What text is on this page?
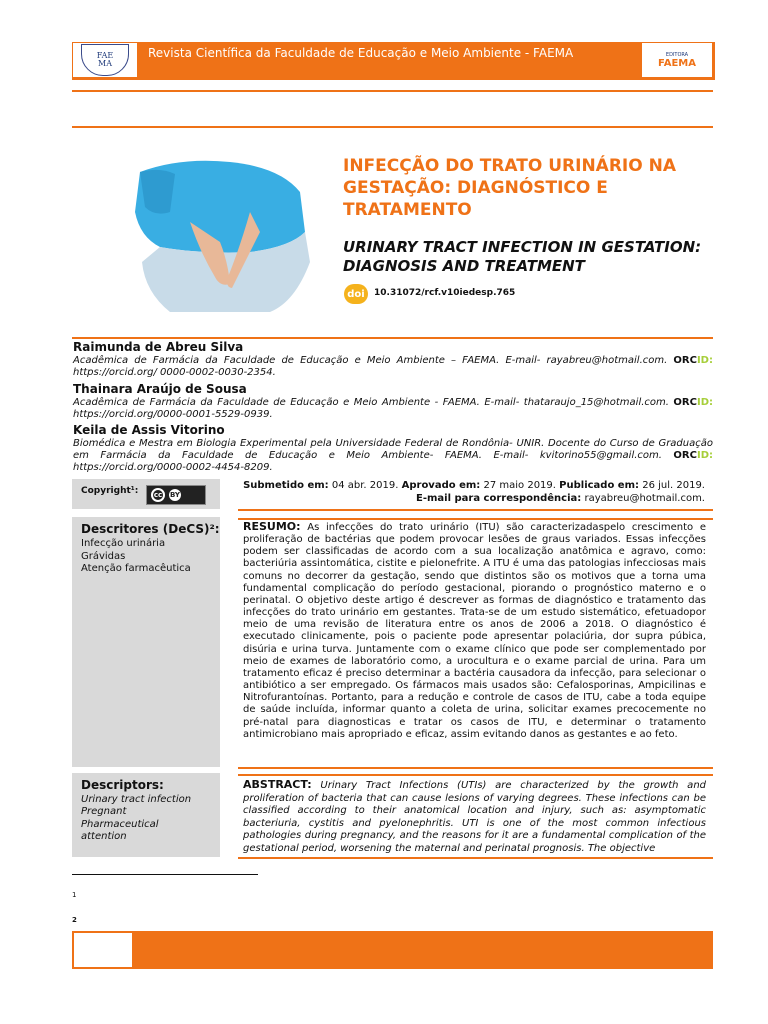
FAE
MA
Revista Científica da Faculdade de Educação e Meio Ambiente - FAEMA	EDITORA
FAEMA
INFECÇÃO DO TRATO URINÁRIO NA GESTAÇÃO: DIAGNÓSTICO E TRATAMENTO
URINARY TRACT INFECTION IN GESTATION: DIAGNOSIS AND TREATMENT
doi	10.31072/rcf.v10iedesp.765
Raimunda de Abreu Silva
Acadêmica de Farmácia da Faculdade de Educação e Meio Ambiente – FAEMA. E-mail- rayabreu@hotmail.com. ORCID: https://orcid.org/ 0000-0002-0030-2354.
Thainara Araújo de Sousa
Acadêmica de Farmácia da Faculdade de Educação e Meio Ambiente - FAEMA. E-mail- thataraujo_15@hotmail.com. ORCID: https://orcid.org/0000-0001-5529-0939.
Keila de Assis Vitorino
Biomédica e Mestra em Biologia Experimental pela Universidade Federal de Rondônia- UNIR. Docente do Curso de Graduação em Farmácia da Faculdade de Educação e Meio Ambiente- FAEMA. E-mail- kvitorino55@gmail.com. ORCID: https://orcid.org/0000-0002-4454-8209.
Copyright¹:	cc	BY
Submetido em: 04 abr. 2019. Aprovado em: 27 maio 2019. Publicado em: 26 jul. 2019.
E-mail para correspondência: rayabreu@hotmail.com.
Descritores (DeCS)²:
Infecção urinária
Grávidas
Atenção farmacêutica
RESUMO: As infecções do trato urinário (ITU) são caracterizadaspelo crescimento e proliferação de bactérias que podem provocar lesões de graus variados. Essas infecções podem ser classificadas de acordo com a sua localização anatômica e agravo, como: bacteriúria assintomática, cistite e pielonefrite. A ITU é uma das patologias infecciosas mais comuns no decorrer da gestação, sendo que distintos são os motivos que a torna uma fundamental complicação do período gestacional, piorando o prognóstico materno e o perinatal. O objetivo deste artigo é descrever as formas de diagnóstico e tratamento das infecções do trato urinário em gestantes. Trata-se de um estudo sistemático, efetuadopor meio de uma revisão de literatura entre os anos de 2006 a 2018. O diagnóstico é executado clinicamente, pois o paciente pode apresentar polaciúria, dor supra púbica, disúria e urina turva. Juntamente com o exame clínico que pode ser complementado por meio de exames de laboratório como, a urocultura e o exame parcial de urina. Para um tratamento eficaz é preciso determinar a bactéria causadora da infecção, para selecionar o antibiótico a ser empregado. Os fármacos mais usados são: Cefalosporinas, Ampicilinas e Nitrofurantoínas. Portanto, para a redução e controle de casos de ITU, cabe a toda equipe de saúde incluída, informar quanto a coleta de urina, solicitar exames precocemente no pré-natal para diagnosticas e tratar os casos de ITU, e determinar o tratamento antimicrobiano mais apropriado e eficaz, assim evitando danos as gestantes e ao feto.
Descriptors:
Urinary tract infection
Pregnant
Pharmaceutical
attention
ABSTRACT: Urinary Tract Infections (UTIs) are characterized by the growth and proliferation of bacteria that can cause lesions of varying degrees. These infections can be classified according to their anatomical location and injury, such as: asymptomatic bacteriuria, cystitis and pyelonephritis. UTI is one of the most common infectious pathologies during pregnancy, and the reasons for it are a fundamental complication of the gestational period, worsening the maternal and perinatal prognosis. The objective
1
2
